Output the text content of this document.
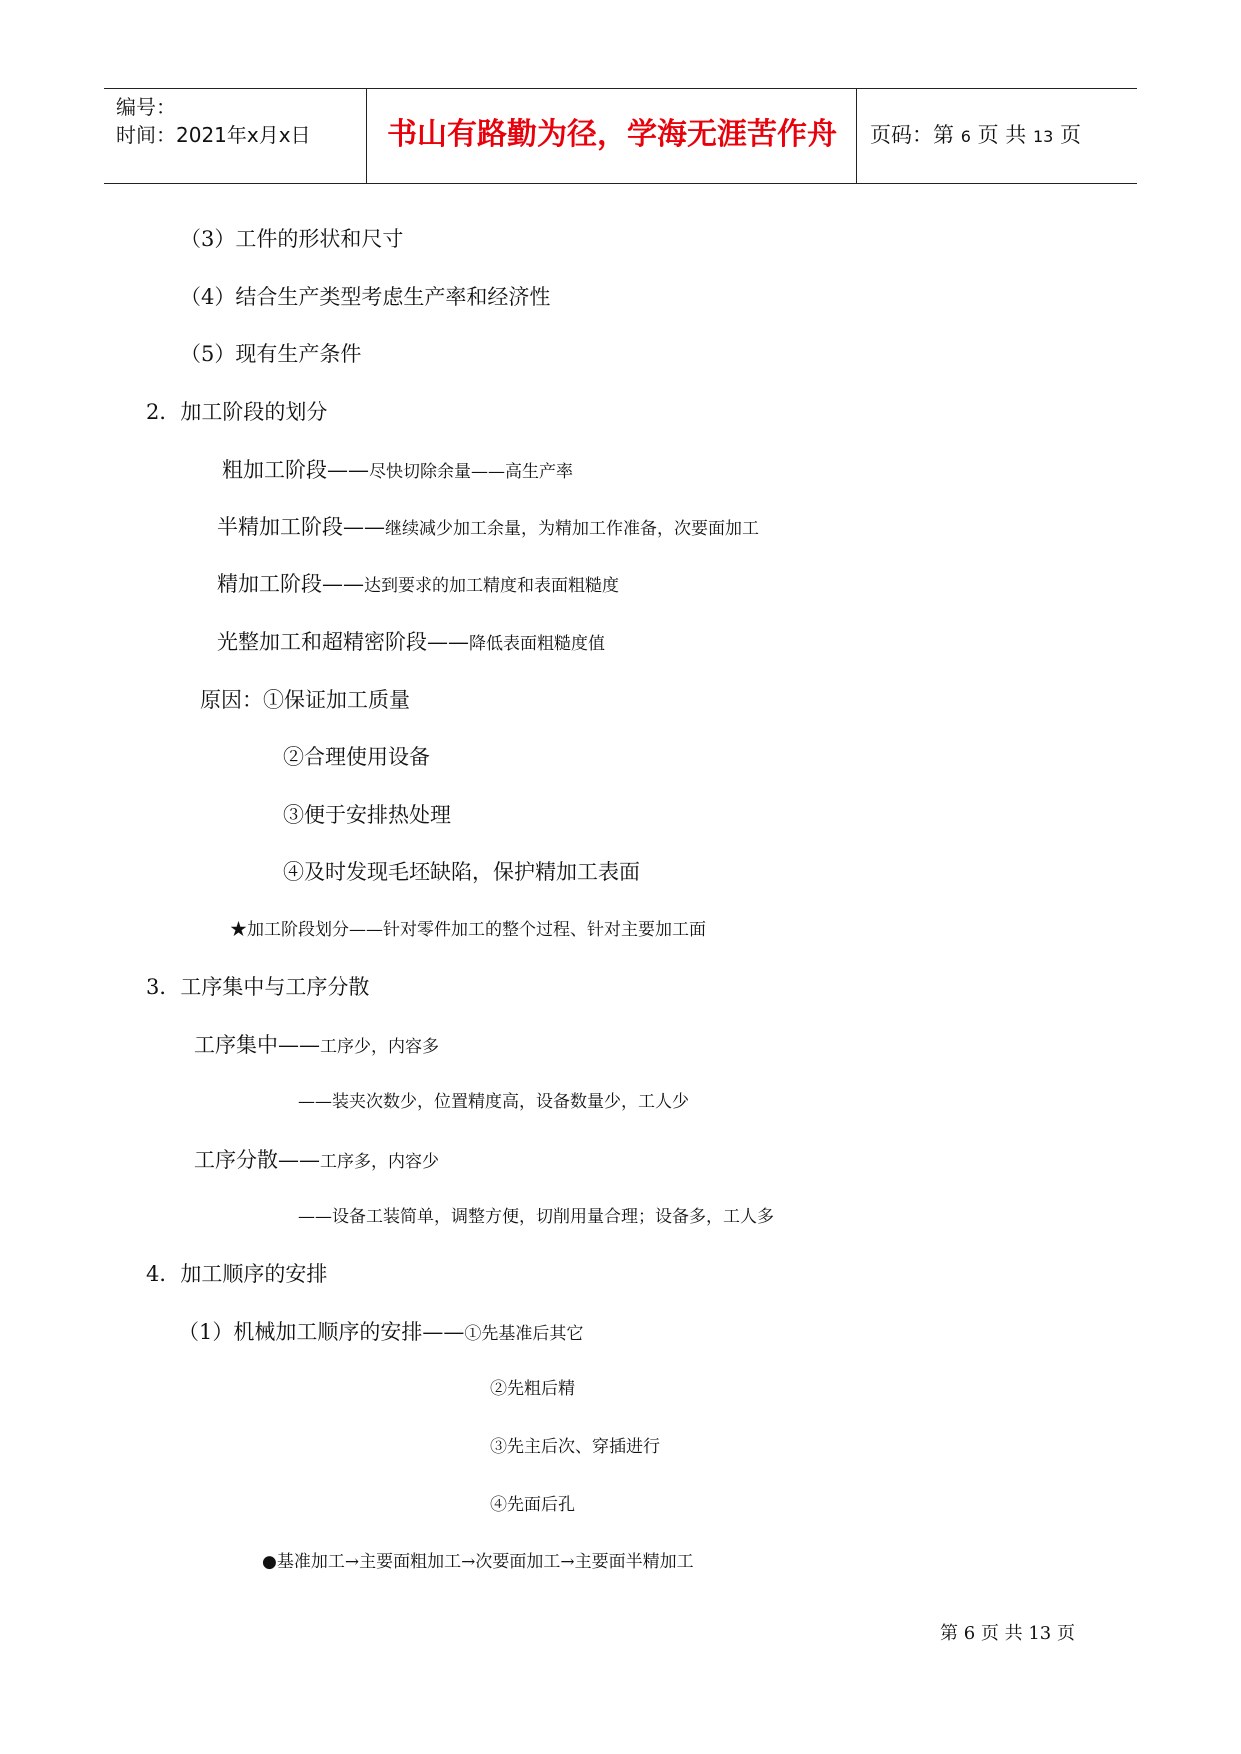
编号：
时间：2021年x月x日	书山有路勤为径，学海无涯苦作舟	页码：第 6 页 共 13 页
（3）工件的形状和尺寸
（4）结合生产类型考虑生产率和经济性
（5）现有生产条件
2．加工阶段的划分
粗加工阶段——尽快切除余量——高生产率
半精加工阶段——继续减少加工余量，为精加工作准备，次要面加工
精加工阶段——达到要求的加工精度和表面粗糙度
光整加工和超精密阶段——降低表面粗糙度值
原因：①保证加工质量
②合理使用设备
③便于安排热处理
④及时发现毛坯缺陷，保护精加工表面
★加工阶段划分——针对零件加工的整个过程、针对主要加工面
3．工序集中与工序分散
工序集中——工序少，内容多
——装夹次数少，位置精度高，设备数量少，工人少
工序分散——工序多，内容少
——设备工装简单，调整方便，切削用量合理；设备多，工人多
4．加工顺序的安排
（1）机械加工顺序的安排——①先基准后其它
②先粗后精
③先主后次、穿插进行
④先面后孔
●基准加工→主要面粗加工→次要面加工→主要面半精加工
第 6 页 共 13 页
